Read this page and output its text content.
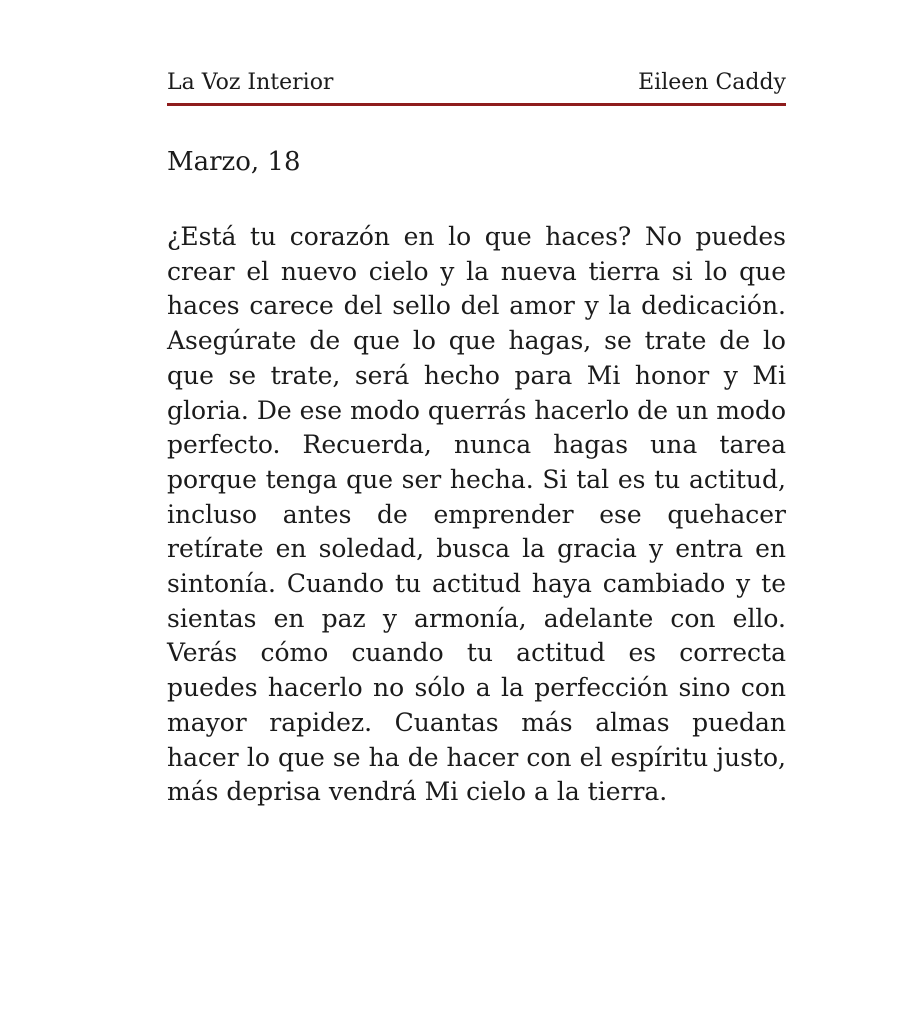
La Voz Interior	Eileen Caddy
Marzo, 18

¿Está tu corazón en lo que haces? No puedes crear el nuevo cielo y la nueva tierra si lo que haces carece del sello del amor y la dedicación. Asegúrate de que lo que hagas, se trate de lo que se trate, será hecho para Mi honor y Mi gloria. De ese modo querrás hacerlo de un modo perfecto. Recuerda, nunca hagas una tarea porque tenga que ser hecha. Si tal es tu actitud, incluso antes de emprender ese quehacer retírate en soledad, busca la gracia y entra en sintonía. Cuando tu actitud haya cambiado y te sientas en paz y armonía, adelante con ello. Verás cómo cuando tu actitud es correcta puedes hacerlo no sólo a la perfección sino con mayor rapidez. Cuantas más almas puedan hacer lo que se ha de hacer con el espíritu justo, más deprisa vendrá Mi cielo a la tierra.
